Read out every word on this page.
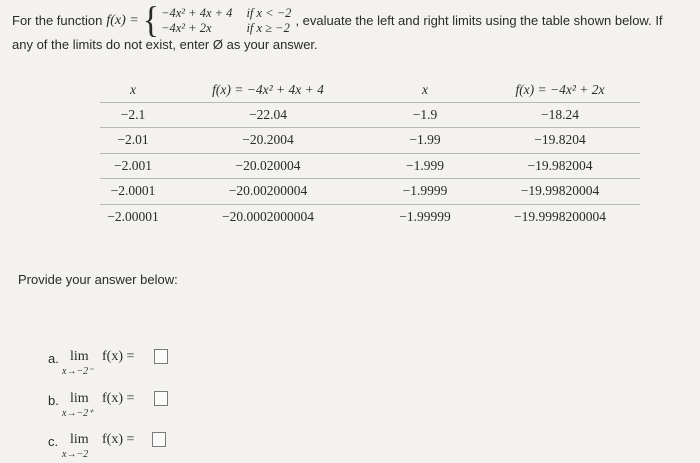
For the function f(x) = { −4x² + 4x + 4 if x < −2
−4x² + 2x	if x ≥ −2 , evaluate the left and right limits using the table shown below. If
any of the limits do not exist, enter Ø as your answer.
x	f(x) = −4x² + 4x + 4	x	f(x) = −4x² + 2x
−2.1	−22.04	−1.9	−18.24
−2.01	−20.2004	−1.99	−19.8204
−2.001	−20.020004	−1.999	−19.982004
−2.0001	−20.00200004	−1.9999	−19.99820004
−2.00001	−20.0002000004	−1.99999	−19.9998200004
Provide your answer below:
a. lim
x→−2⁻
f(x) =
b. lim
x→−2⁺
f(x) =
c. lim
x→−2
f(x) =
